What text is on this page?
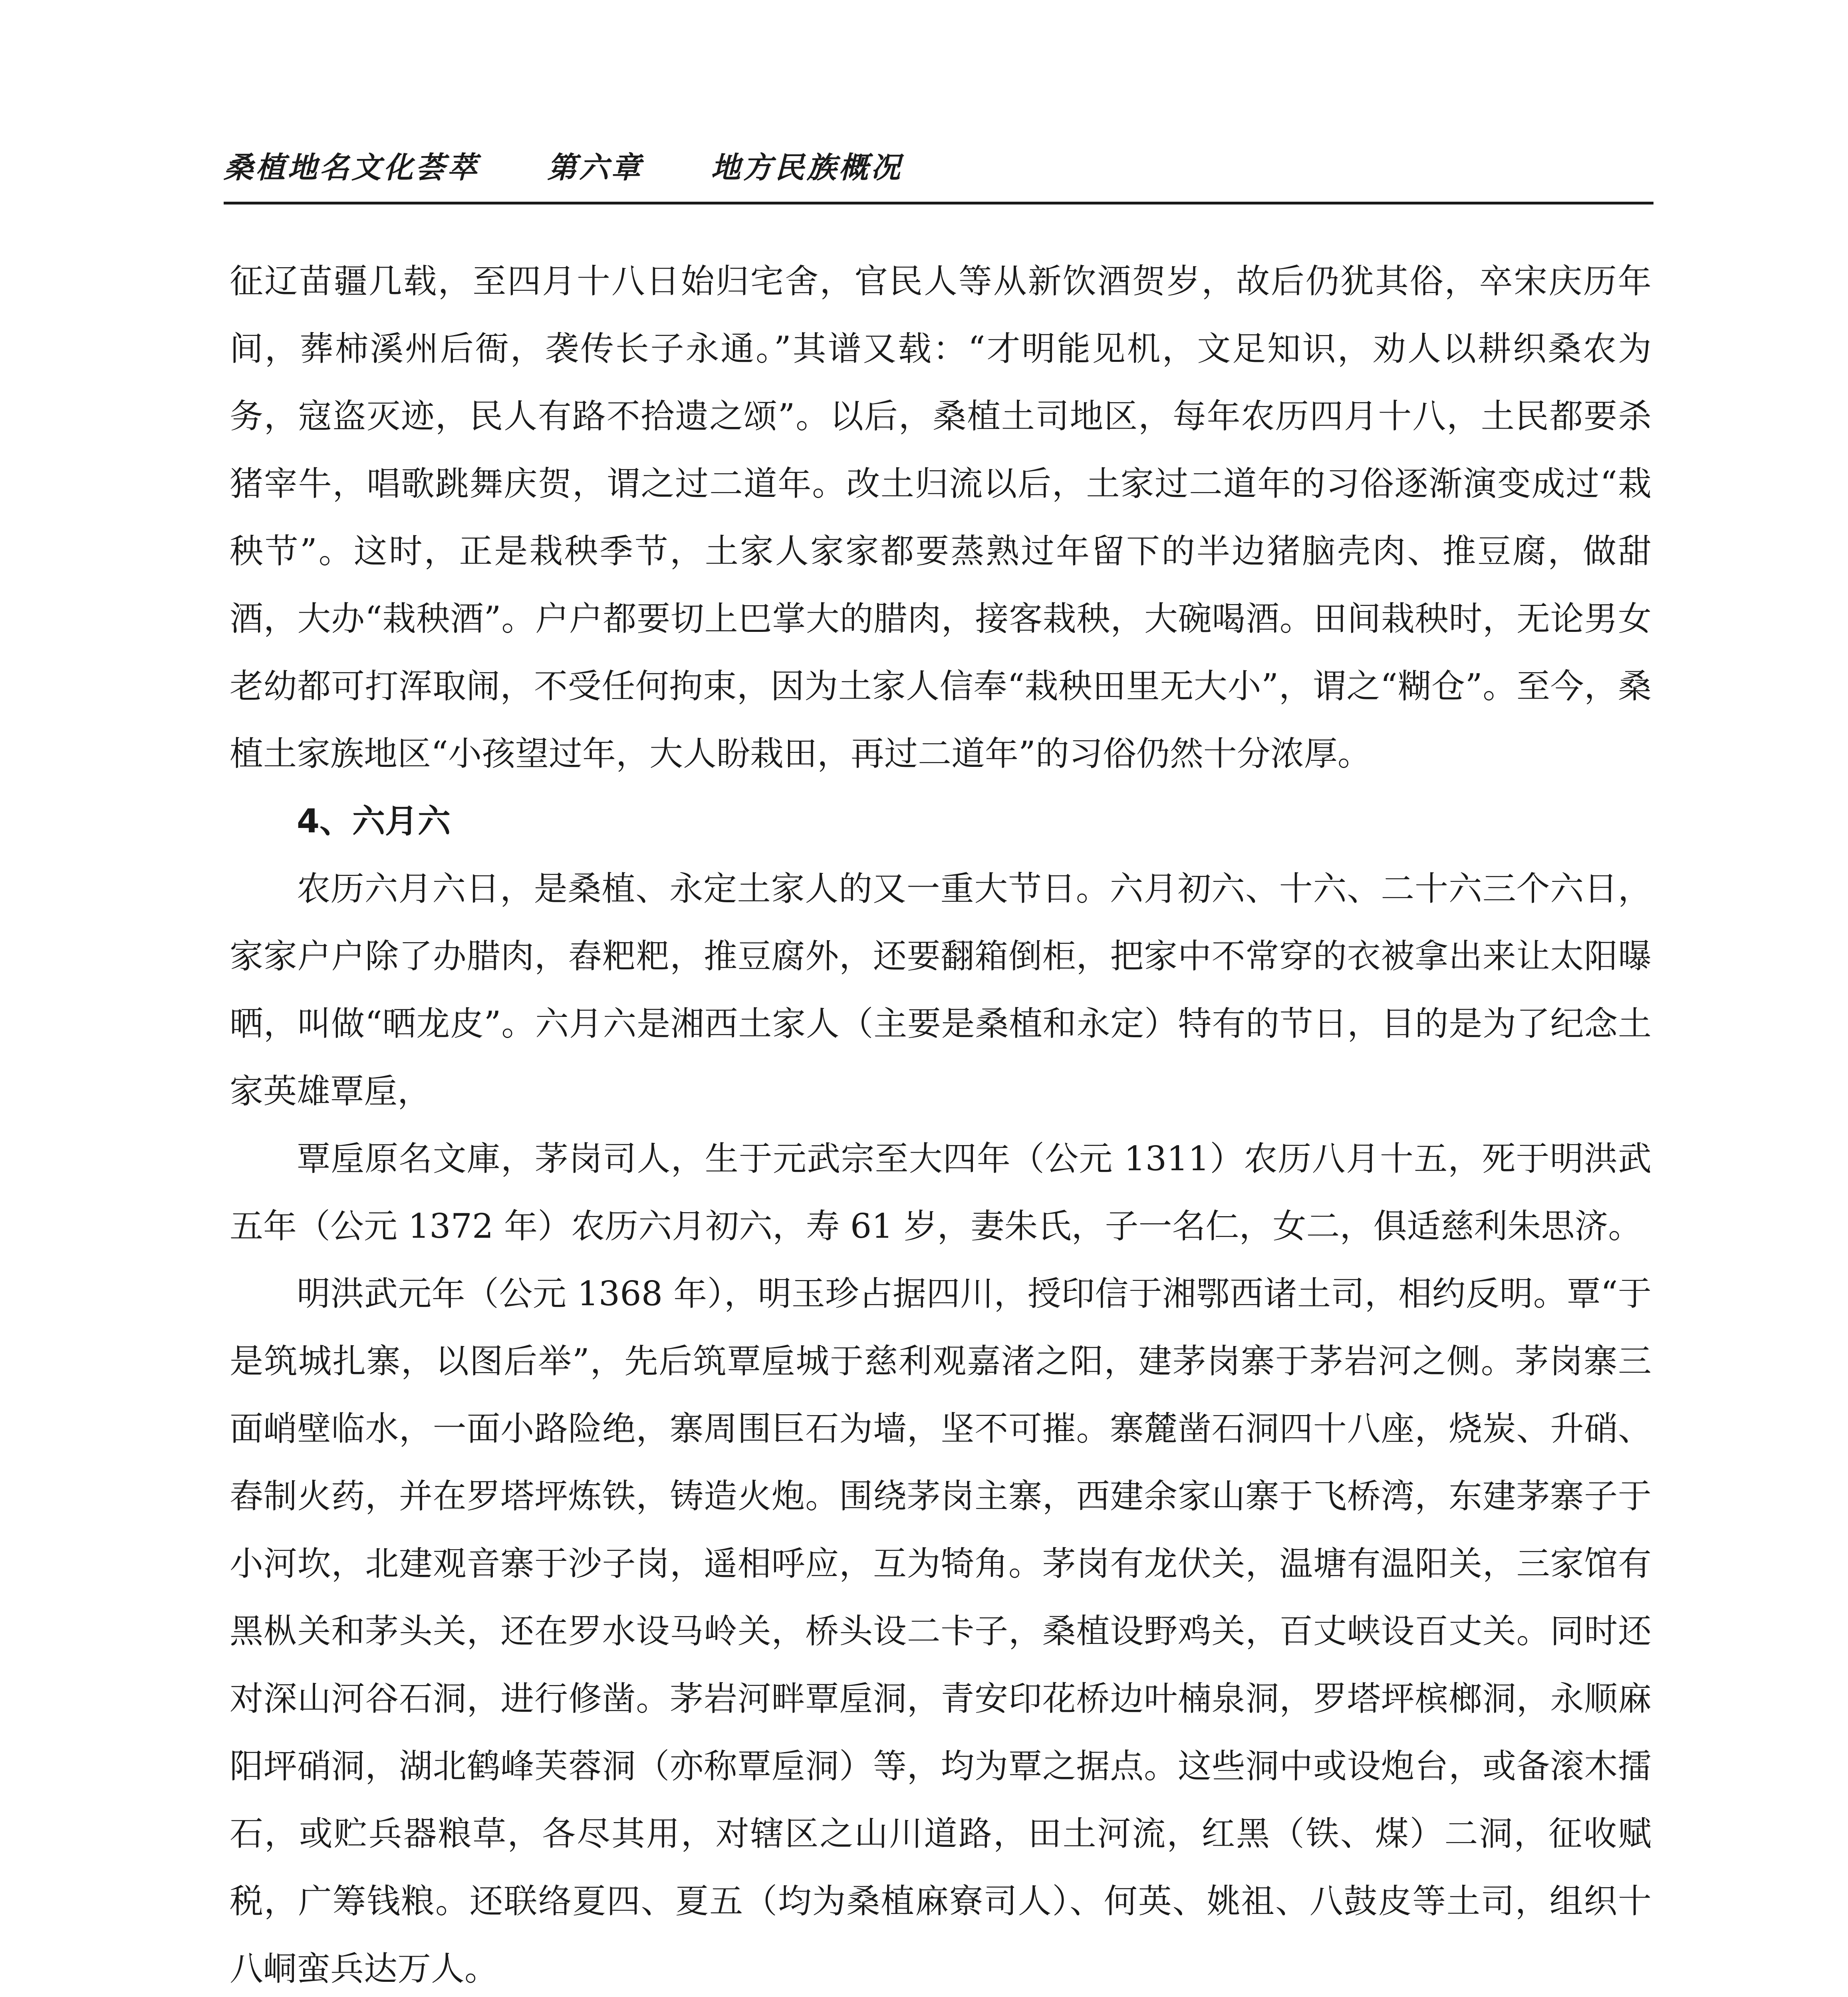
桑植地名文化荟萃 第六章 地方民族概况

征辽苗疆几载，至四月十八日始归宅舍，官民人等从新饮酒贺岁，故后仍犹其俗，卒宋庆历年间，葬柿溪州后衙，袭传长子永通。”其谱又载：“才明能见机，文足知识，劝人以耕织桑农为务，寇盗灭迹，民人有路不拾遗之颂”。以后，桑植土司地区，每年农历四月十八，土民都要杀猪宰牛，唱歌跳舞庆贺，谓之过二道年。改土归流以后，土家过二道年的习俗逐渐演变成过“栽秧节”。这时，正是栽秧季节，土家人家家都要蒸熟过年留下的半边猪脑壳肉、推豆腐，做甜酒，大办“栽秧酒”。户户都要切上巴掌大的腊肉，接客栽秧，大碗喝酒。田间栽秧时，无论男女老幼都可打浑取闹，不受任何拘束，因为土家人信奉“栽秧田里无大小”，谓之“糊仓”。至今，桑植土家族地区“小孩望过年，大人盼栽田，再过二道年”的习俗仍然十分浓厚。

4、六月六

农历六月六日，是桑植、永定土家人的又一重大节日。六月初六、十六、二十六三个六日，家家户户除了办腊肉，舂粑粑，推豆腐外，还要翻箱倒柜，把家中不常穿的衣被拿出来让太阳曝晒，叫做“晒龙皮”。六月六是湘西土家人（主要是桑植和永定）特有的节日，目的是为了纪念土家英雄覃垕，

覃垕原名文庫，茅岗司人，生于元武宗至大四年（公元 1311）农历八月十五，死于明洪武五年（公元 1372 年）农历六月初六，寿 61 岁，妻朱氏，子一名仁，女二，俱适慈利朱思济。

明洪武元年（公元 1368 年），明玉珍占据四川，授印信于湘鄂西诸土司，相约反明。覃“于是筑城扎寨，以图后举”，先后筑覃垕城于慈利观嘉渚之阳，建茅岗寨于茅岩河之侧。茅岗寨三面峭壁临水，一面小路险绝，寨周围巨石为墙，坚不可摧。寨麓凿石洞四十八座，烧炭、升硝、舂制火药，并在罗塔坪炼铁，铸造火炮。围绕茅岗主寨，西建余家山寨于飞桥湾，东建茅寨子于小河坎，北建观音寨于沙子岗，遥相呼应，互为犄角。茅岗有龙伏关，温塘有温阳关，三家馆有黑枞关和茅头关，还在罗水设马岭关，桥头设二卡子，桑植设野鸡关，百丈峡设百丈关。同时还对深山河谷石洞，进行修凿。茅岩河畔覃垕洞，青安印花桥边叶楠泉洞，罗塔坪槟榔洞，永顺麻阳坪硝洞，湖北鹤峰芙蓉洞（亦称覃垕洞）等，均为覃之据点。这些洞中或设炮台，或备滚木擂石，或贮兵器粮草，各尽其用，对辖区之山川道路，田土河流，红黑（铁、煤）二洞，征收赋税，广筹钱粮。还联络夏四、夏五（均为桑植麻寮司人）、何英、姚祖、八鼓皮等土司，组织十八峒蛮兵达万人。
